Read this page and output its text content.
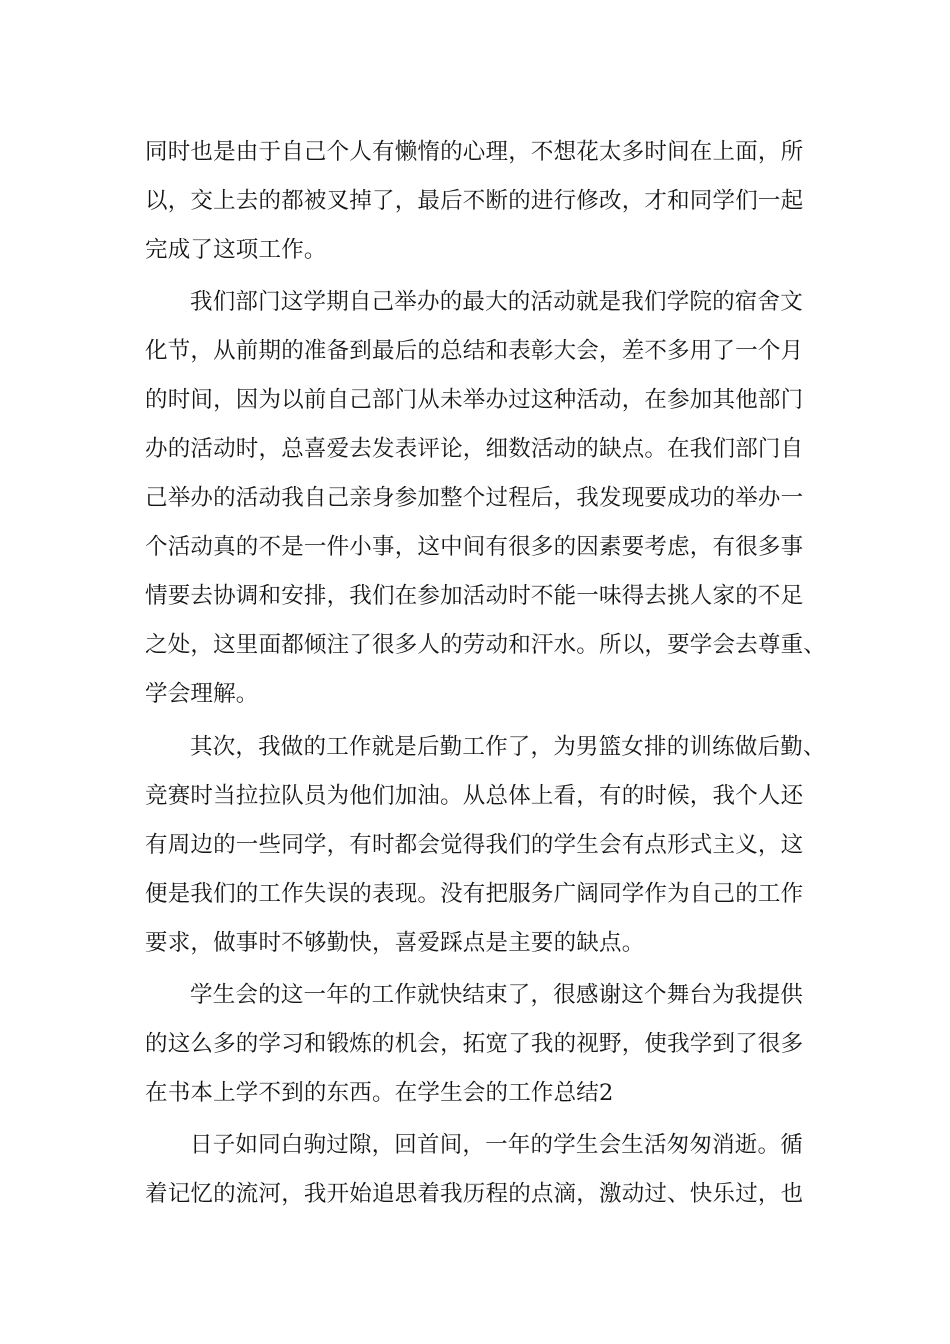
同时也是由于自己个人有懒惰的心理，不想花太多时间在上面，所

以，交上去的都被叉掉了，最后不断的进行修改，才和同学们一起

完成了这项工作。

我们部门这学期自己举办的最大的活动就是我们学院的宿舍文

化节，从前期的准备到最后的总结和表彰大会，差不多用了一个月

的时间，因为以前自己部门从未举办过这种活动，在参加其他部门

办的活动时，总喜爱去发表评论，细数活动的缺点。在我们部门自

己举办的活动我自己亲身参加整个过程后，我发现要成功的举办一

个活动真的不是一件小事，这中间有很多的因素要考虑，有很多事

情要去协调和安排，我们在参加活动时不能一味得去挑人家的不足

之处，这里面都倾注了很多人的劳动和汗水。所以，要学会去尊重、

学会理解。

其次，我做的工作就是后勤工作了，为男篮女排的训练做后勤、

竞赛时当拉拉队员为他们加油。从总体上看，有的时候，我个人还

有周边的一些同学，有时都会觉得我们的学生会有点形式主义，这

便是我们的工作失误的表现。没有把服务广阔同学作为自己的工作

要求，做事时不够勤快，喜爱踩点是主要的缺点。

学生会的这一年的工作就快结束了，很感谢这个舞台为我提供

的这么多的学习和锻炼的机会，拓宽了我的视野，使我学到了很多

在书本上学不到的东西。在学生会的工作总结2

日子如同白驹过隙，回首间，一年的学生会生活匆匆消逝。循

着记忆的流河，我开始追思着我历程的点滴，激动过、快乐过，也
